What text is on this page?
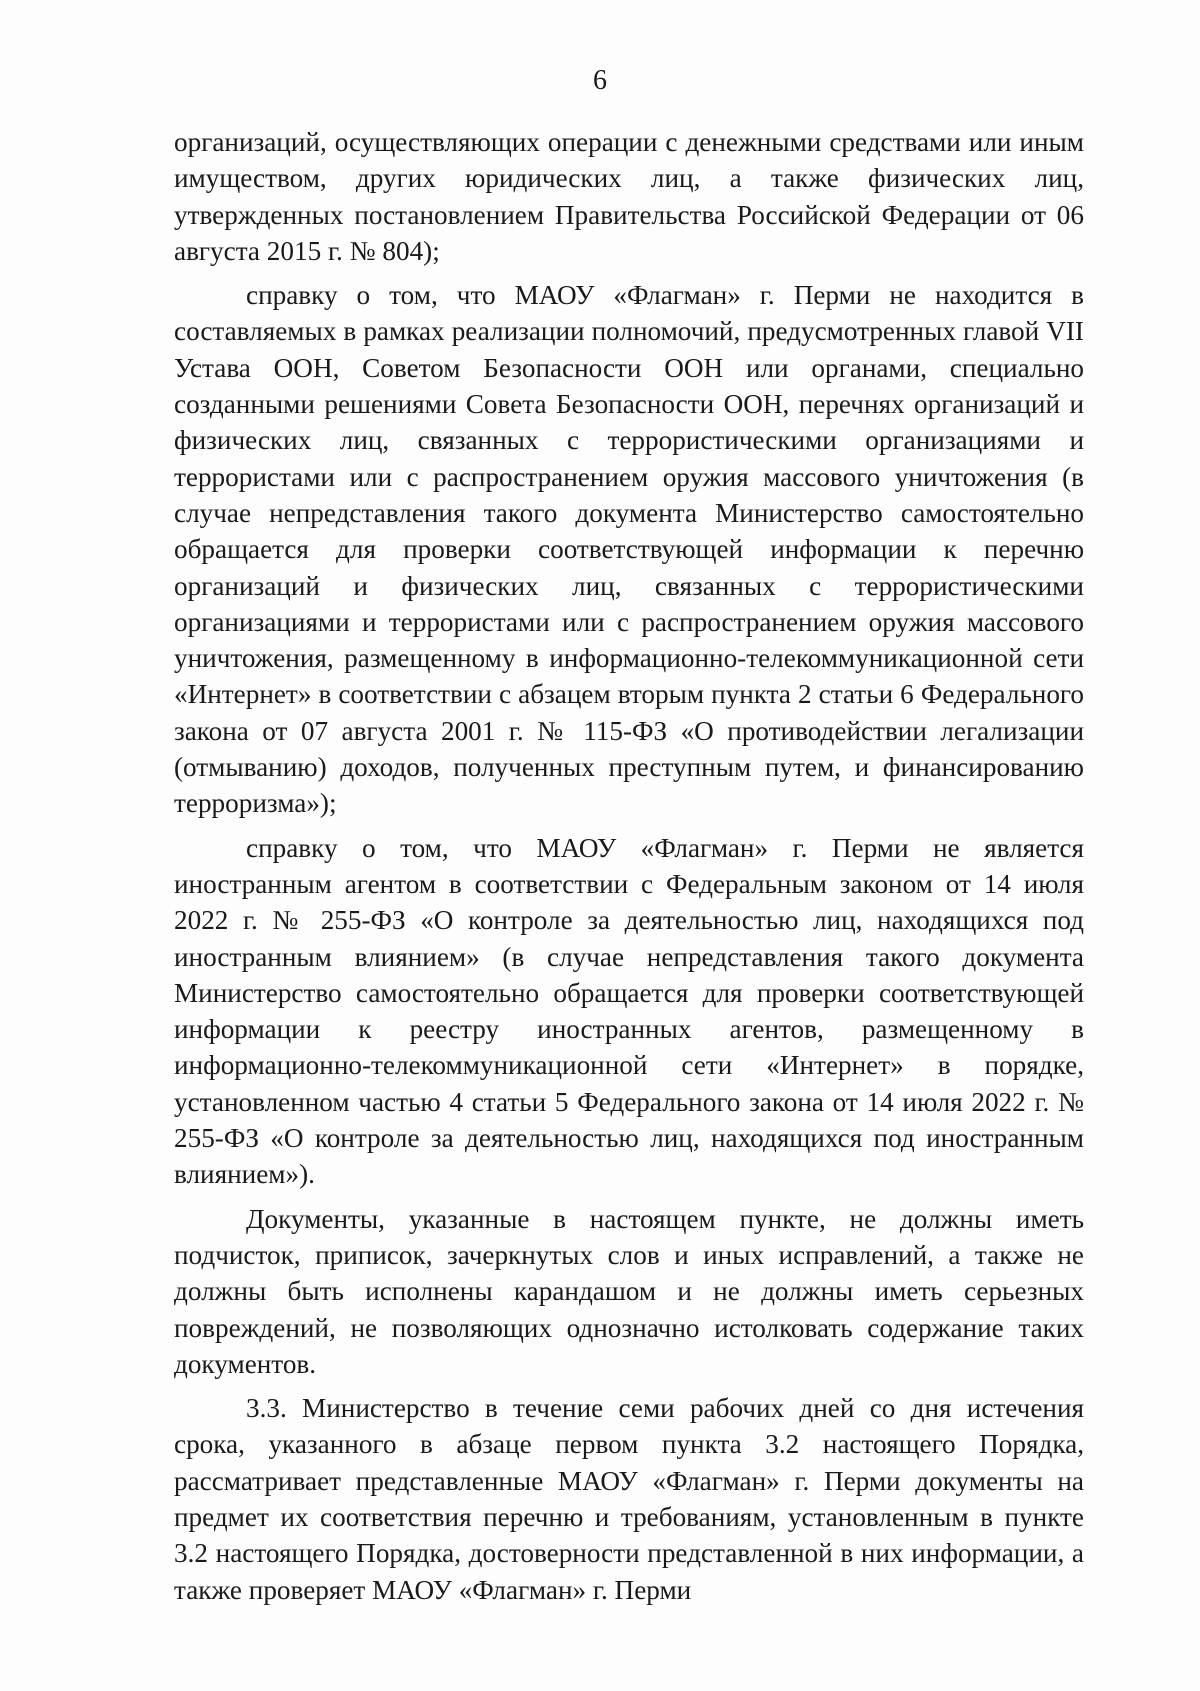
6

организаций, осуществляющих операции с денежными средствами или иным имуществом, других юридических лиц, а также физических лиц, утвержденных постановлением Правительства Российской Федерации от 06 августа 2015 г. № 804);

справку о том, что МАОУ «Флагман» г. Перми не находится в составляемых в рамках реализации полномочий, предусмотренных главой VII Устава ООН, Советом Безопасности ООН или органами, специально созданными решениями Совета Безопасности ООН, перечнях организаций и физических лиц, связанных с террористическими организациями и террористами или с распространением оружия массового уничтожения (в случае непредставления такого документа Министерство самостоятельно обращается для проверки соответствующей информации к перечню организаций и физических лиц, связанных с террористическими организациями и террористами или с распространением оружия массового уничтожения, размещенному в информационно-телекоммуникационной сети «Интернет» в соответствии с абзацем вторым пункта 2 статьи 6 Федерального закона от 07 августа 2001 г. № 115-ФЗ «О противодействии легализации (отмыванию) доходов, полученных преступным путем, и финансированию терроризма»);

справку о том, что МАОУ «Флагман» г. Перми не является иностранным агентом в соответствии с Федеральным законом от 14 июля 2022 г. № 255-ФЗ «О контроле за деятельностью лиц, находящихся под иностранным влиянием» (в случае непредставления такого документа Министерство самостоятельно обращается для проверки соответствующей информации к реестру иностранных агентов, размещенному в информационно-телекоммуникационной сети «Интернет» в порядке, установленном частью 4 статьи 5 Федерального закона от 14 июля 2022 г. № 255-ФЗ «О контроле за деятельностью лиц, находящихся под иностранным влиянием»).

Документы, указанные в настоящем пункте, не должны иметь подчисток, приписок, зачеркнутых слов и иных исправлений, а также не должны быть исполнены карандашом и не должны иметь серьезных повреждений, не позволяющих однозначно истолковать содержание таких документов.

3.3. Министерство в течение семи рабочих дней со дня истечения срока, указанного в абзаце первом пункта 3.2 настоящего Порядка, рассматривает представленные МАОУ «Флагман» г. Перми документы на предмет их соответствия перечню и требованиям, установленным в пункте 3.2 настоящего Порядка, достоверности представленной в них информации, а также проверяет МАОУ «Флагман» г. Перми
